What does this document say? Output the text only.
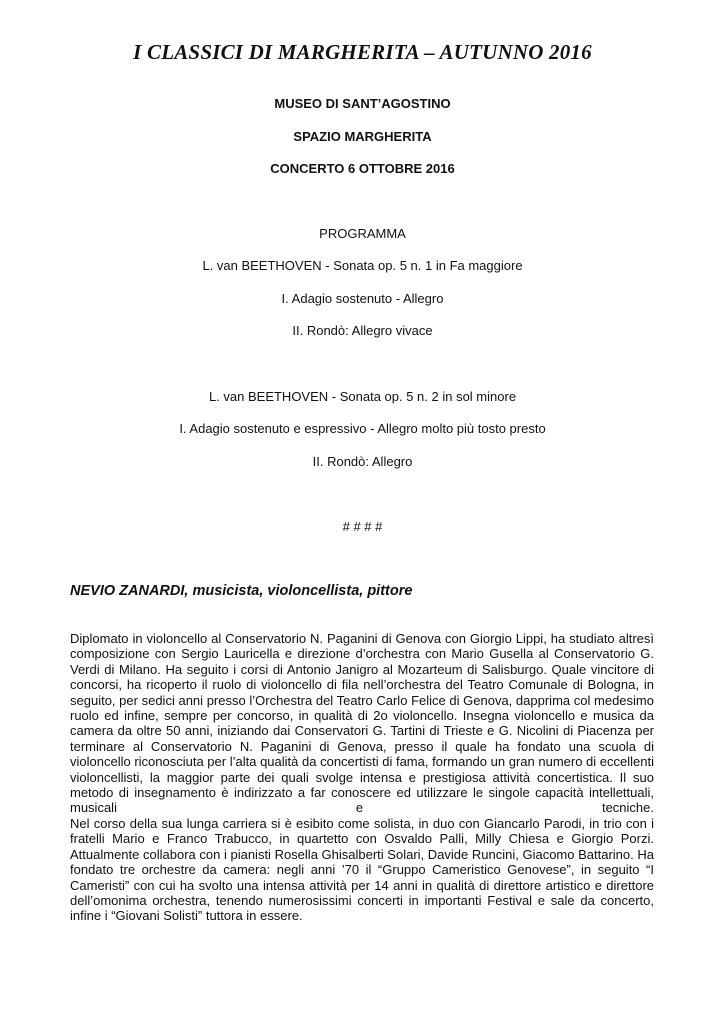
I CLASSICI DI MARGHERITA – AUTUNNO 2016
MUSEO DI SANT’AGOSTINO
SPAZIO MARGHERITA
CONCERTO 6 OTTOBRE 2016
PROGRAMMA
L. van BEETHOVEN - Sonata op. 5 n. 1 in Fa maggiore
I. Adagio sostenuto - Allegro
II. Rondò: Allegro vivace
L. van BEETHOVEN - Sonata op. 5 n. 2 in sol minore
I. Adagio sostenuto e espressivo - Allegro molto più tosto presto
II. Rondò: Allegro
# # # #
NEVIO ZANARDI, musicista, violoncellista, pittore

Diplomato in violoncello al Conservatorio N. Paganini di Genova con Giorgio Lippi, ha studiato altresì composizione con Sergio Lauricella e direzione d’orchestra con Mario Gusella al Conservatorio G. Verdi di Milano. Ha seguito i corsi di Antonio Janigro al Mozarteum di Salisburgo. Quale vincitore di concorsi, ha ricoperto il ruolo di violoncello di fila nell’orchestra del Teatro Comunale di Bologna, in seguito, per sedici anni presso l’Orchestra del Teatro Carlo Felice di Genova, dapprima col medesimo ruolo ed infine, sempre per concorso, in qualità di 2o violoncello. Insegna violoncello e musica da camera da oltre 50 anni, iniziando dai Conservatori G. Tartini di Trieste e G. Nicolini di Piacenza per terminare al Conservatorio N. Paganini di Genova, presso il quale ha fondato una scuola di violoncello riconosciuta per l’alta qualità da concertisti di fama, formando un gran numero di eccellenti violoncellisti, la maggior parte dei quali svolge intensa e prestigiosa attività concertistica. Il suo metodo di insegnamento è indirizzato a far conoscere ed utilizzare le singole capacità intellettuali, musicali e tecniche.

Nel corso della sua lunga carriera si è esibito come solista, in duo con Giancarlo Parodi, in trio con i fratelli Mario e Franco Trabucco, in quartetto con Osvaldo Palli, Milly Chiesa e Giorgio Porzi. Attualmente collabora con i pianisti Rosella Ghisalberti Solari, Davide Runcini, Giacomo Battarino. Ha fondato tre orchestre da camera: negli anni ’70 il “Gruppo Cameristico Genovese”, in seguito “I Cameristi” con cui ha svolto una intensa attività per 14 anni in qualità di direttore artistico e direttore dell’omonima orchestra, tenendo numerosissimi concerti in importanti Festival e sale da concerto, infine i “Giovani Solisti” tuttora in essere.
